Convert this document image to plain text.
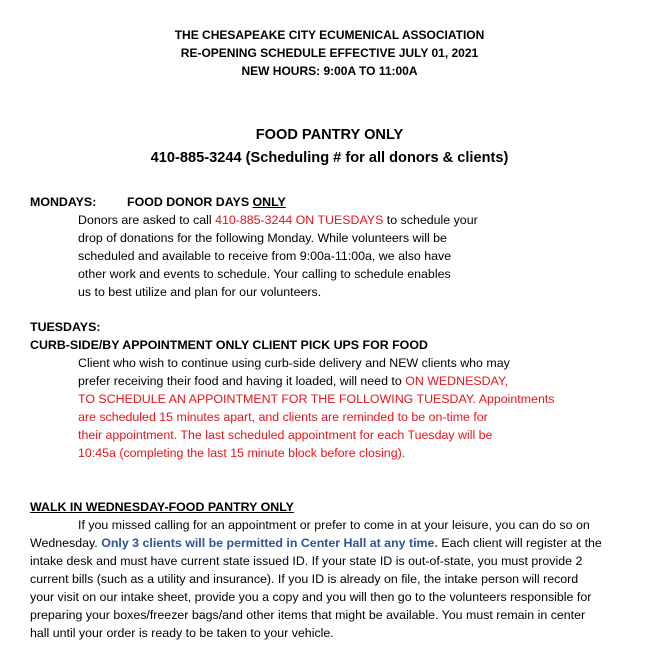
THE CHESAPEAKE CITY ECUMENICAL ASSOCIATION
RE-OPENING SCHEDULE EFFECTIVE JULY 01, 2021
NEW HOURS: 9:00A TO 11:00A
FOOD PANTRY ONLY
410-885-3244 (Scheduling # for all donors & clients)
MONDAYS: FOOD DONOR DAYS ONLY
Donors are asked to call 410-885-3244 ON TUESDAYS to schedule your
drop of donations for the following Monday. While volunteers will be
scheduled and available to receive from 9:00a-11:00a, we also have
other work and events to schedule. Your calling to schedule enables
us to best utilize and plan for our volunteers.
TUESDAYS:
CURB-SIDE/BY APPOINTMENT ONLY CLIENT PICK UPS FOR FOOD
Client who wish to continue using curb-side delivery and NEW clients who may
prefer receiving their food and having it loaded, will need to ON WEDNESDAY,
TO SCHEDULE AN APPOINTMENT FOR THE FOLLOWING TUESDAY. Appointments
are scheduled 15 minutes apart, and clients are reminded to be on-time for
their appointment. The last scheduled appointment for each Tuesday will be
10:45a (completing the last 15 minute block before closing).
WALK IN WEDNESDAY-FOOD PANTRY ONLY
If you missed calling for an appointment or prefer to come in at your leisure, you can do so on
Wednesday. Only 3 clients will be permitted in Center Hall at any time. Each client will register at the
intake desk and must have current state issued ID. If your state ID is out-of-state, you must provide 2
current bills (such as a utility and insurance). If you ID is already on file, the intake person will record
your visit on our intake sheet, provide you a copy and you will then go to the volunteers responsible for
preparing your boxes/freezer bags/and other items that might be available. You must remain in center
hall until your order is ready to be taken to your vehicle.
